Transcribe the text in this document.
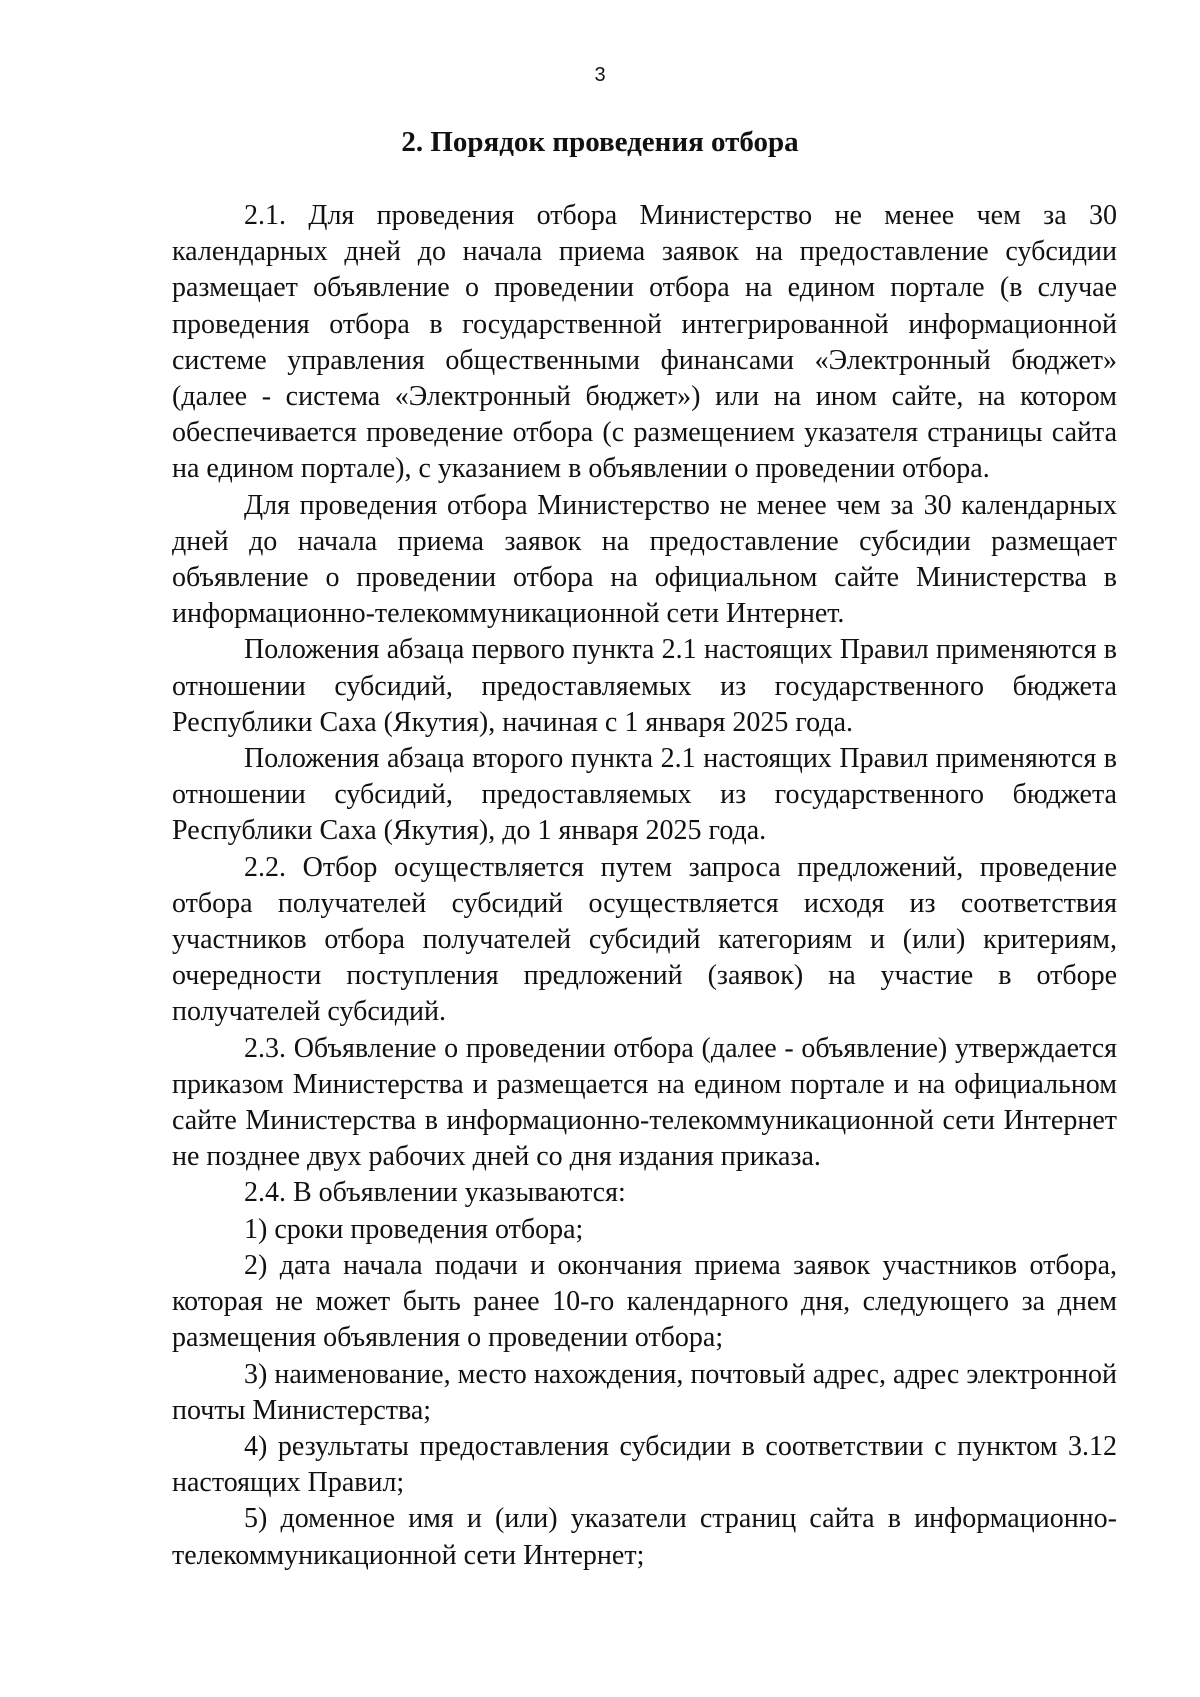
3
2. Порядок проведения отбора

2.1. Для проведения отбора Министерство не менее чем за 30 календарных дней до начала приема заявок на предоставление субсидии размещает объявление о проведении отбора на едином портале (в случае проведения отбора в государственной интегрированной информационной системе управления общественными финансами «Электронный бюджет» (далее - система «Электронный бюджет») или на ином сайте, на котором обеспечивается проведение отбора (с размещением указателя страницы сайта на едином портале), с указанием в объявлении о проведении отбора.

Для проведения отбора Министерство не менее чем за 30 календарных дней до начала приема заявок на предоставление субсидии размещает объявление о проведении отбора на официальном сайте Министерства в информационно-телекоммуникационной сети Интернет.

Положения абзаца первого пункта 2.1 настоящих Правил применяются в отношении субсидий, предоставляемых из государственного бюджета Республики Саха (Якутия), начиная с 1 января 2025 года.

Положения абзаца второго пункта 2.1 настоящих Правил применяются в отношении субсидий, предоставляемых из государственного бюджета Республики Саха (Якутия), до 1 января 2025 года.

2.2. Отбор осуществляется путем запроса предложений, проведение отбора получателей субсидий осуществляется исходя из соответствия участников отбора получателей субсидий категориям и (или) критериям, очередности поступления предложений (заявок) на участие в отборе получателей субсидий.

2.3. Объявление о проведении отбора (далее - объявление) утверждается приказом Министерства и размещается на едином портале и на официальном сайте Министерства в информационно-телекоммуникационной сети Интернет не позднее двух рабочих дней со дня издания приказа.

2.4. В объявлении указываются:

1) сроки проведения отбора;

2) дата начала подачи и окончания приема заявок участников отбора, которая не может быть ранее 10-го календарного дня, следующего за днем размещения объявления о проведении отбора;

3) наименование, место нахождения, почтовый адрес, адрес электронной почты Министерства;

4) результаты предоставления субсидии в соответствии с пунктом 3.12 настоящих Правил;

5) доменное имя и (или) указатели страниц сайта в информационно-телекоммуникационной сети Интернет;
